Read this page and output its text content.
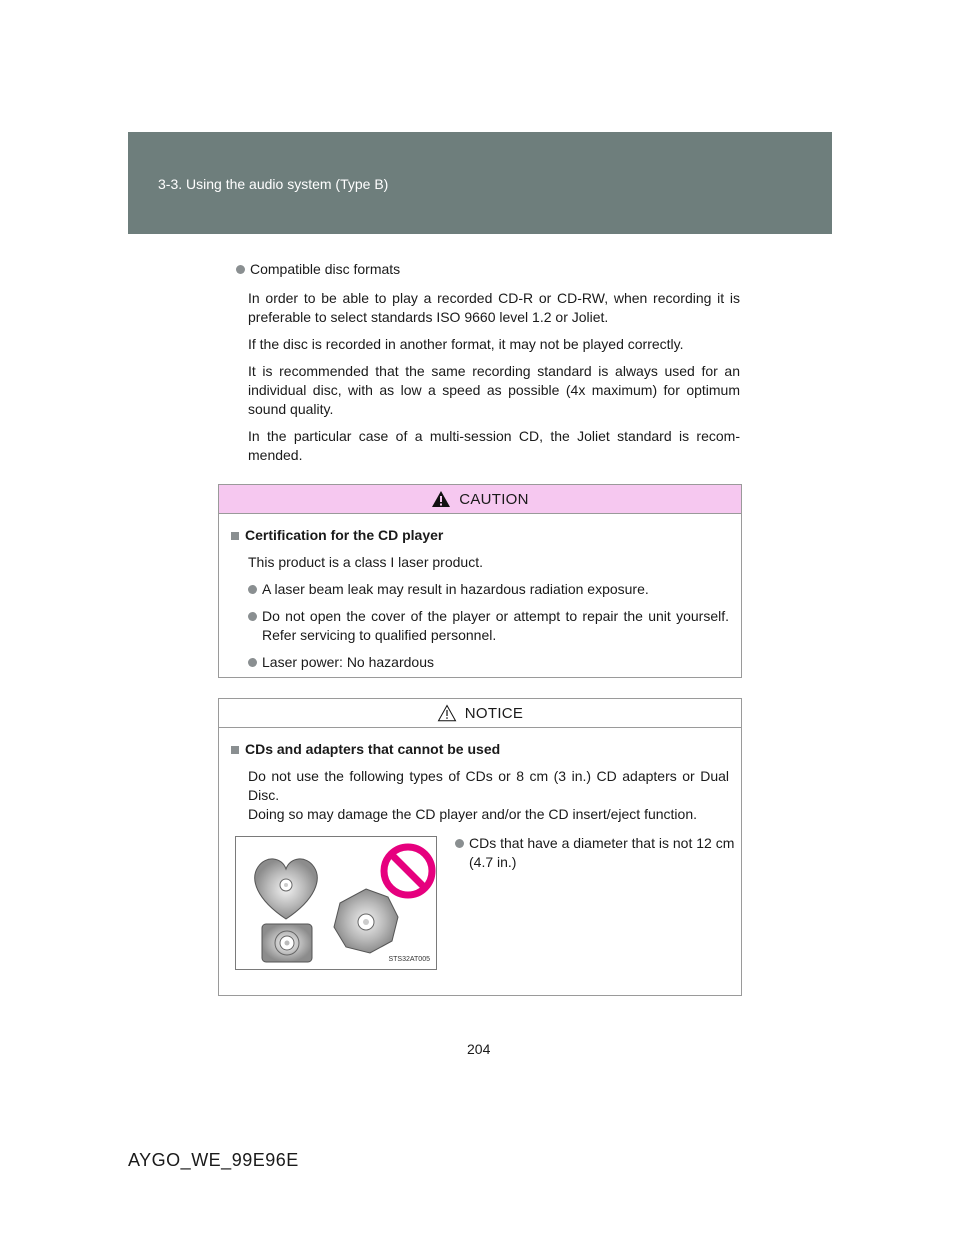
3-3. Using the audio system (Type B)
Compatible disc formats

In order to be able to play a recorded CD-R or CD-RW, when recording it is preferable to select standards ISO 9660 level 1.2 or Joliet.

If the disc is recorded in another format, it may not be played correctly.

It is recommended that the same recording standard is always used for an individual disc, with as low a speed as possible (4x maximum) for optimum sound quality.

In the particular case of a multi-session CD, the Joliet standard is recom-mended.

CAUTION
Certification for the CD player
This product is a class I laser product.
A laser beam leak may result in hazardous radiation exposure.
Do not open the cover of the player or attempt to repair the unit yourself. Refer servicing to qualified personnel.
Laser power: No hazardous
NOTICE
CDs and adapters that cannot be used
Do not use the following types of CDs or 8 cm (3 in.) CD adapters or Dual Disc.
Doing so may damage the CD player and/or the CD insert/eject function.
STS32AT005
CDs that have a diameter that is not 12 cm (4.7 in.)
204
AYGO_WE_99E96E
